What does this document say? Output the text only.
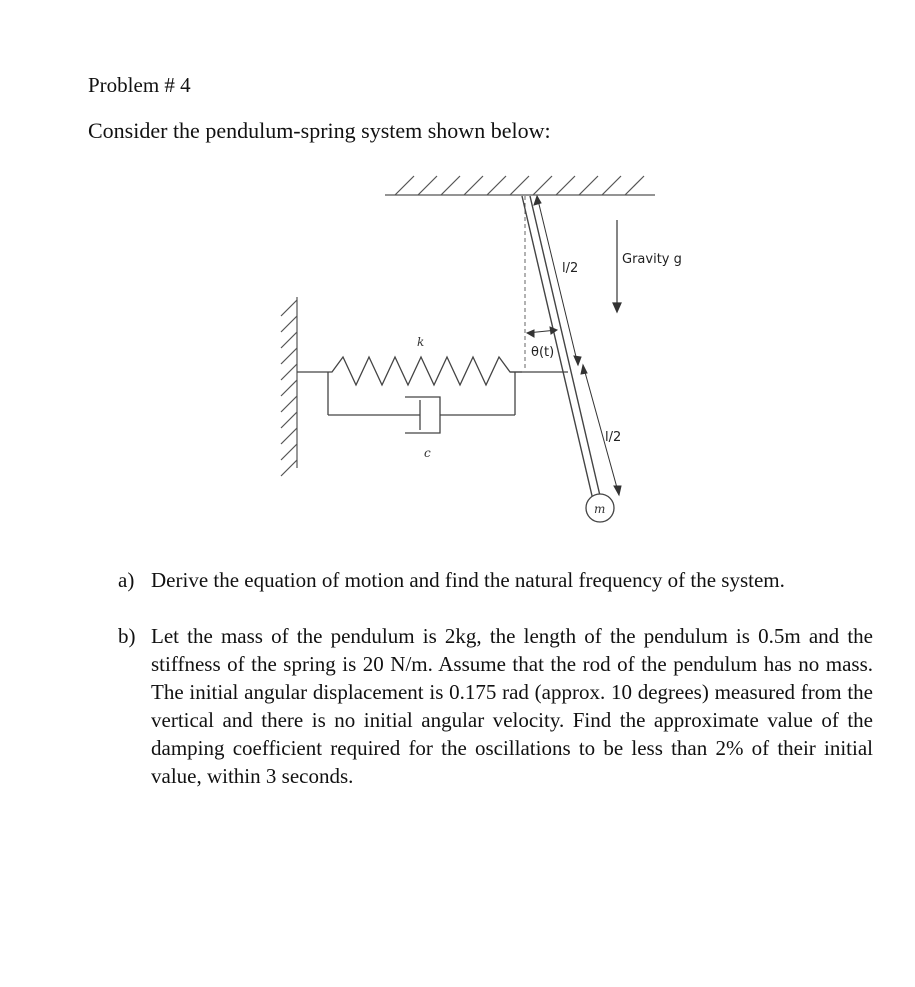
Problem # 4
Consider the pendulum-spring system shown below:
k
c
θ(t)
l/2
l/2
Gravity g
m
a) Derive the equation of motion and find the natural frequency of the system.
b) Let the mass of the pendulum is 2kg, the length of the pendulum is 0.5m and the stiffness of the spring is 20 N/m. Assume that the rod of the pendulum has no mass. The initial angular displacement is 0.175 rad (approx. 10 degrees) measured from the vertical and there is no initial angular velocity. Find the approximate value of the damping coefficient required for the oscillations to be less than 2% of their initial value, within 3 seconds.
